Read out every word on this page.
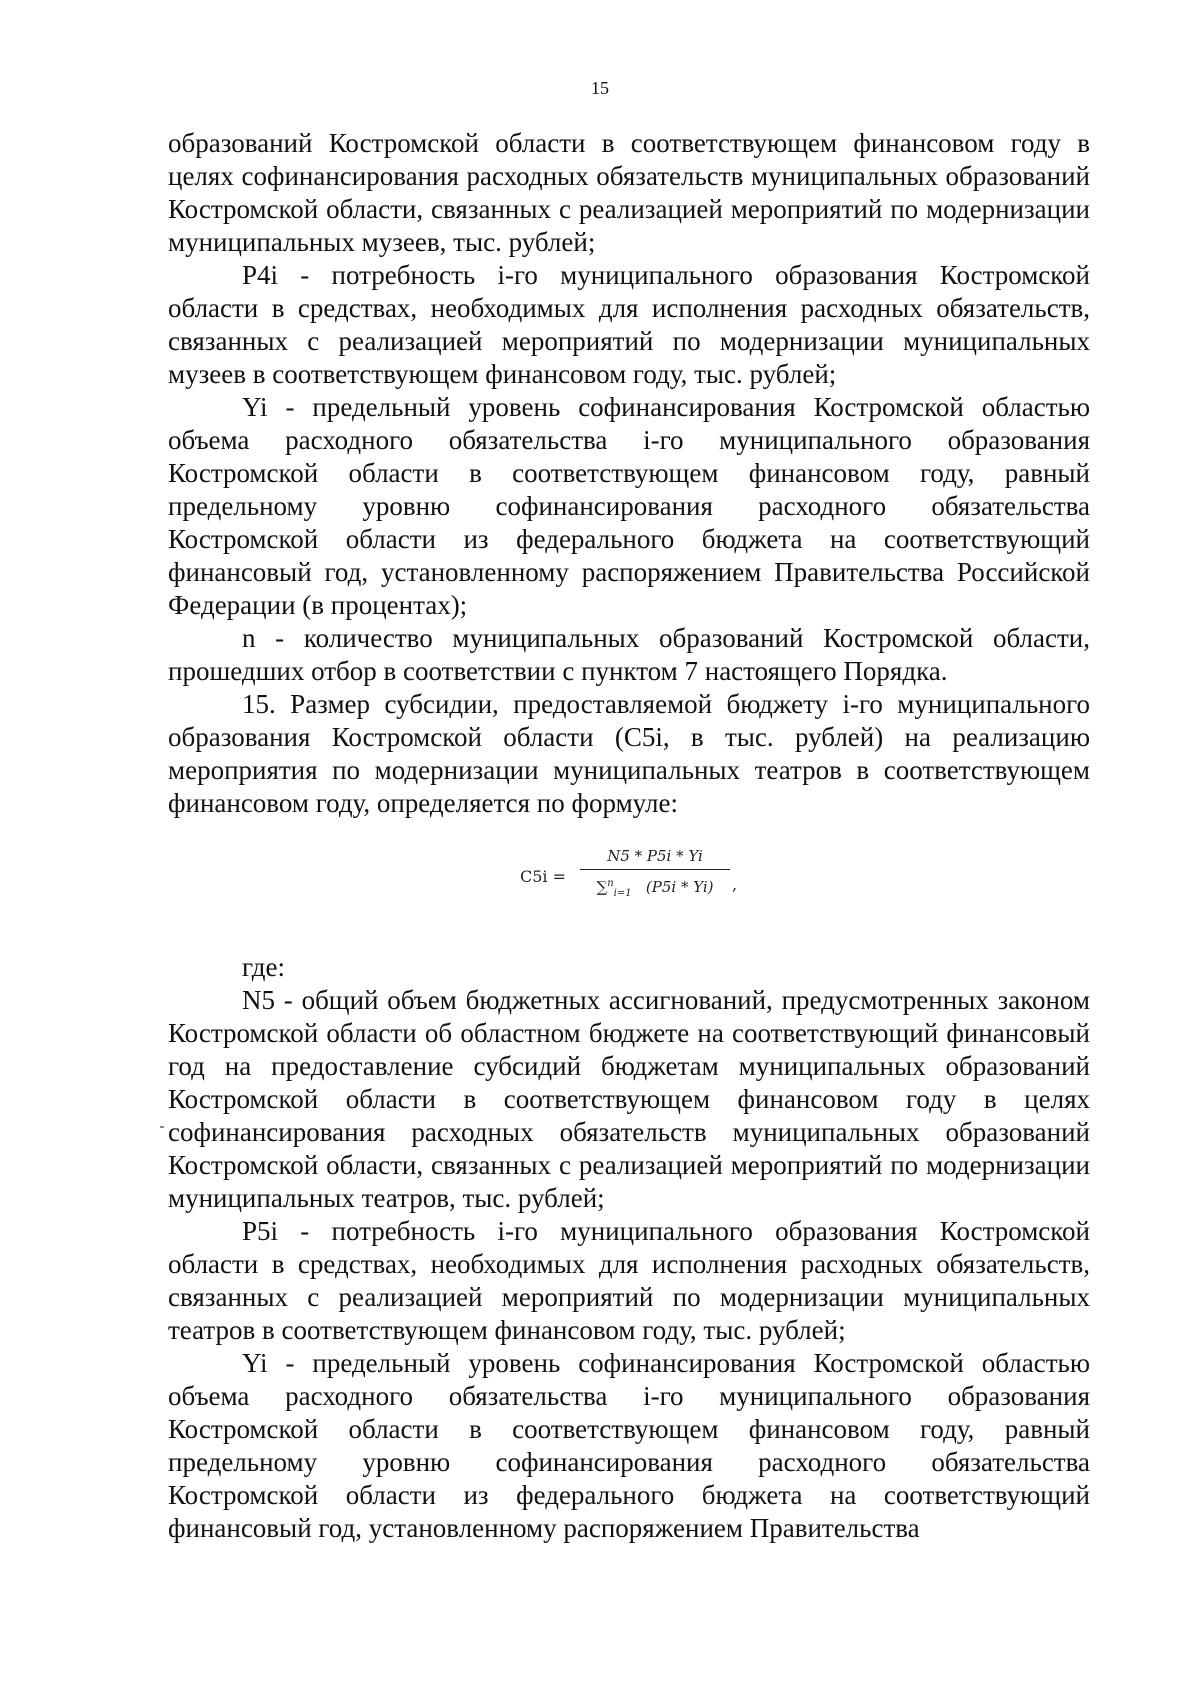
15

образований Костромской области в соответствующем финансовом году в целях софинансирования расходных обязательств муниципальных образований Костромской области, связанных с реализацией мероприятий по модернизации муниципальных музеев, тыс. рублей;

P4i - потребность i-го муниципального образования Костромской области в средствах, необходимых для исполнения расходных обязательств, связанных с реализацией мероприятий по модернизации муниципальных музеев в соответствующем финансовом году, тыс. рублей;

Yi - предельный уровень софинансирования Костромской областью объема расходного обязательства i-го муниципального образования Костромской области в соответствующем финансовом году, равный предельному уровню софинансирования расходного обязательства Костромской области из федерального бюджета на соответствующий финансовый год, установленному распоряжением Правительства Российской Федерации (в процентах);

n - количество муниципальных образований Костромской области, прошедших отбор в соответствии с пунктом 7 настоящего Порядка.

15. Размер субсидии, предоставляемой бюджету i-го муниципального образования Костромской области (C5i, в тыс. рублей) на реализацию мероприятия по модернизации муниципальных театров в соответствующем финансовом году, определяется по формуле:

C5i =
N5 * P5i * Yi
∑$^n_{i=1}$ (P5i * Yi)	,

где:

N5 - общий объем бюджетных ассигнований, предусмотренных законом Костромской области об областном бюджете на соответствующий финансовый год на предоставление субсидий бюджетам муниципальных образований Костромской области в соответствующем финансовом году в целях софинансирования расходных обязательств муниципальных образований Костромской области, связанных с реализацией мероприятий по модернизации муниципальных театров, тыс. рублей;

P5i - потребность i-го муниципального образования Костромской области в средствах, необходимых для исполнения расходных обязательств, связанных с реализацией мероприятий по модернизации муниципальных театров в соответствующем финансовом году, тыс. рублей;

Yi - предельный уровень софинансирования Костромской областью объема расходного обязательства i-го муниципального образования Костромской области в соответствующем финансовом году, равный предельному уровню софинансирования расходного обязательства Костромской области из федерального бюджета на соответствующий финансовый год, установленному распоряжением Правительства
